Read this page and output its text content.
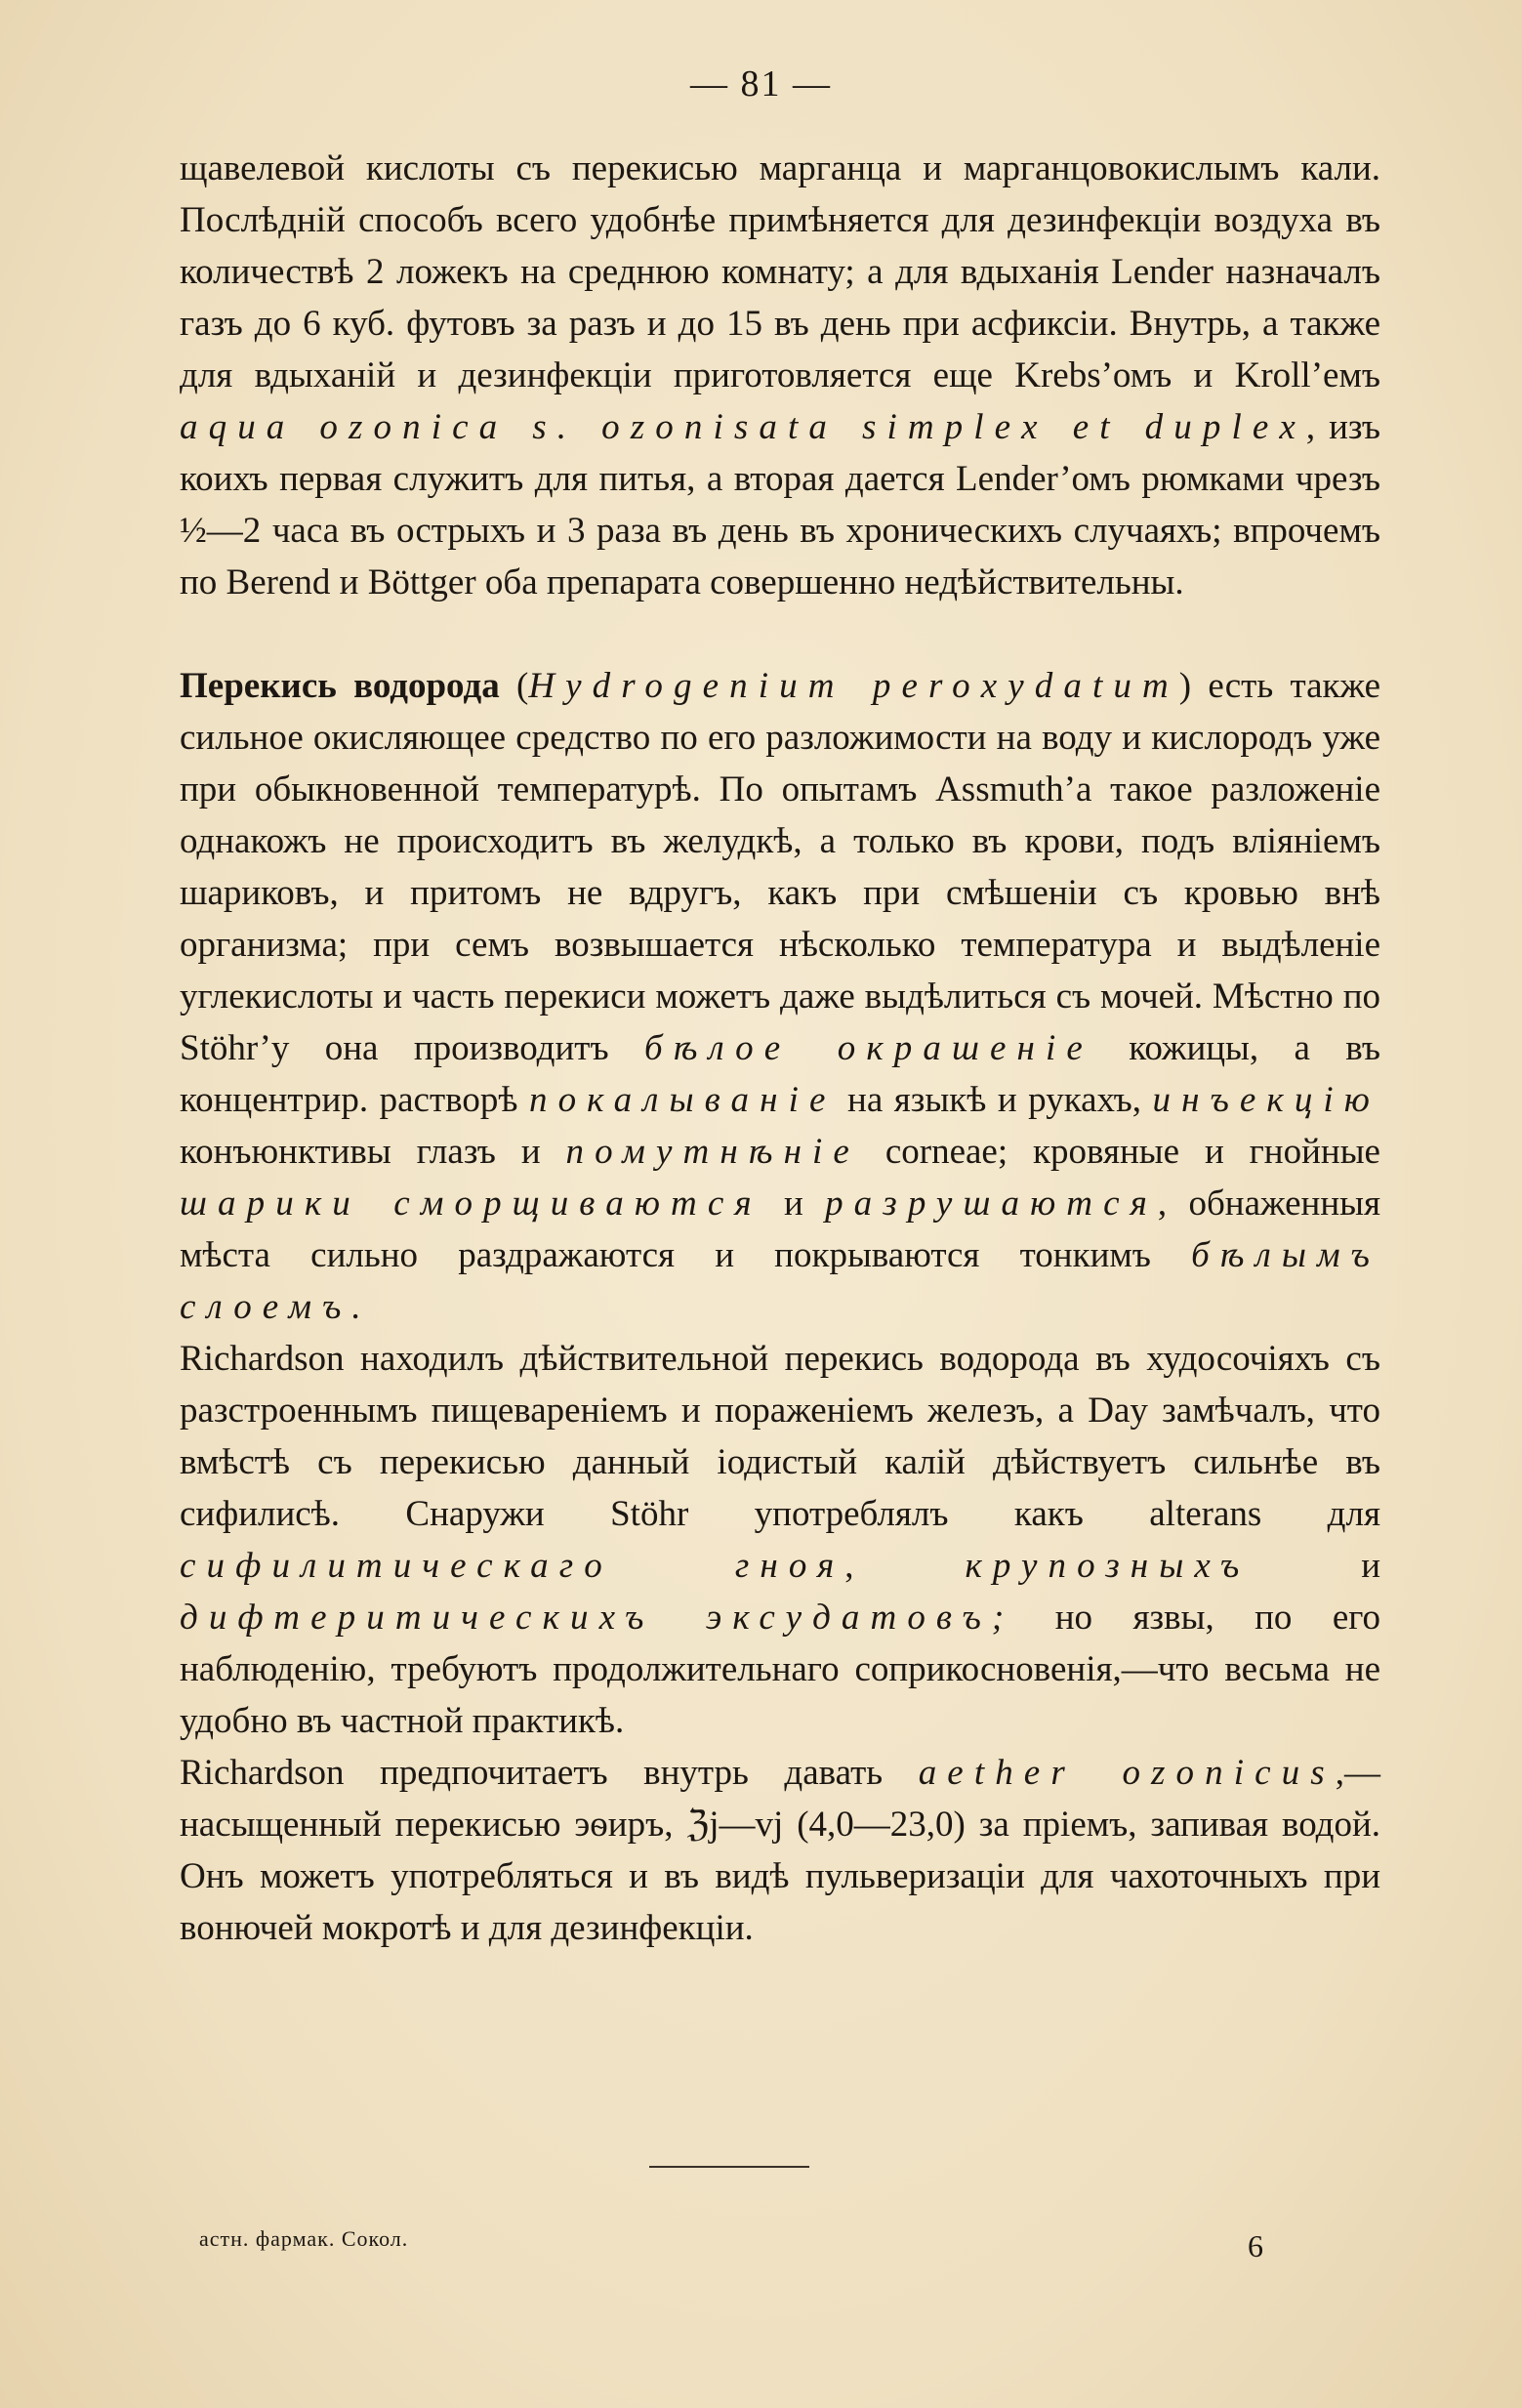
— 81 —

щавелевой кислоты съ перекисью марганца и марганцовокислымъ кали. Послѣдній способъ всего удобнѣе примѣняется для дезинфекціи воздуха въ количествѣ 2 ложекъ на среднюю комнату; а для вдыханія Lender назначалъ газъ до 6 куб. футовъ за разъ и до 15 въ день при асфиксіи. Внутрь, а также для вдыханій и дезинфекціи приготовляется еще Krebs’омъ и Kroll’емъ aqua ozonica s. ozonisata simplex et duplex, изъ коихъ первая служитъ для питья, а вторая дается Lender’омъ рюмками чрезъ ½—2 часа въ острыхъ и 3 раза въ день въ хроническихъ случаяхъ; впрочемъ по Berend и Böttger оба препарата совершенно недѣйствительны.

Перекись водорода (Hydrogenium peroxydatum) есть также сильное окисляющее средство по его разложимости на воду и кислородъ уже при обыкновенной температурѣ. По опытамъ Assmuth’а такое разложеніе однакожъ не происходитъ въ желудкѣ, а только въ крови, подъ вліяніемъ шариковъ, и притомъ не вдругъ, какъ при смѣшеніи съ кровью внѣ организма; при семъ возвышается нѣсколько температура и выдѣленіе углекислоты и часть перекиси можетъ даже выдѣлиться съ мочей. Мѣстно по Stöhr’у она производитъ бѣлое окрашеніе кожицы, а въ концентрир. растворѣ покалываніе на языкѣ и рукахъ, инъекцію конъюнктивы глазъ и помутнѣніе corneae; кровяные и гнойные шарики сморщиваются и разрушаются, обнаженныя мѣста сильно раздражаются и покрываются тонкимъ бѣлымъ слоемъ.

Richardson находилъ дѣйствительной перекись водорода въ худосочіяхъ съ разстроеннымъ пищевареніемъ и пораженіемъ железъ, а Day замѣчалъ, что вмѣстѣ съ перекисью данный іодистый калій дѣйствуетъ сильнѣе въ сифилисѣ. Снаружи Stöhr употреблялъ какъ alterans для сифилитическаго гноя, крупозныхъ и дифтеритическихъ эксудатовъ; но язвы, по его наблюденію, требуютъ продолжительнаго соприкосновенія,—что весьма не удобно въ частной практикѣ.

Richardson предпочитаетъ внутрь давать aether ozonicus,—насыщенный перекисью эѳиръ, ℨj—vj (4,0—23,0) за пріемъ, запивая водой. Онъ можетъ употребляться и въ видѣ пульверизаціи для чахоточныхъ при вонючей мокротѣ и для дезинфекціи.

астн. фармак. Сокол.	6
